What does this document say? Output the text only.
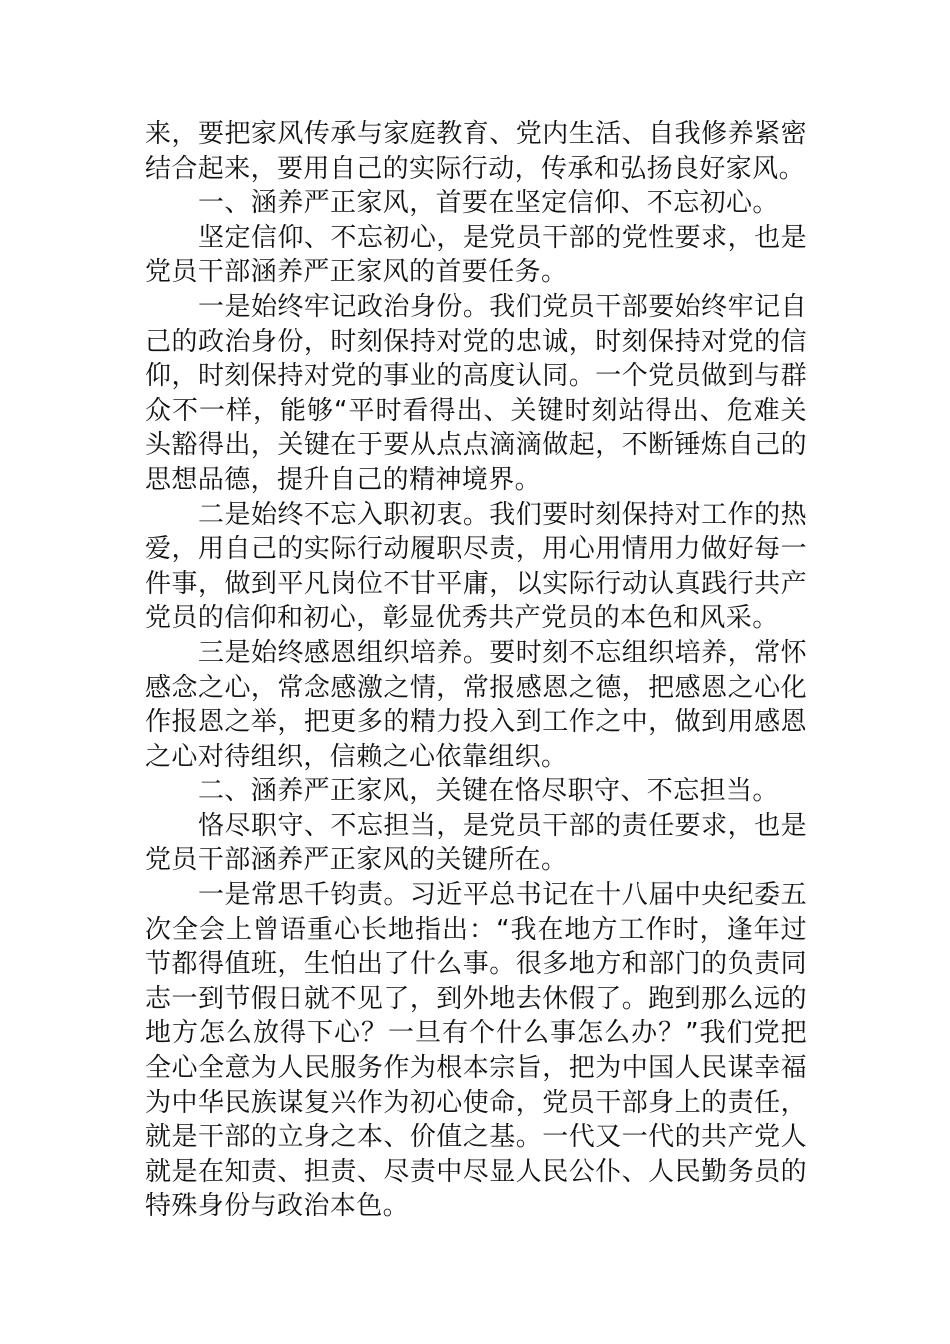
来，要把家风传承与家庭教育、党内生活、自我修养紧密结合起来，要用自己的实际行动，传承和弘扬良好家风。

一、涵养严正家风，首要在坚定信仰、不忘初心。

坚定信仰、不忘初心，是党员干部的党性要求，也是党员干部涵养严正家风的首要任务。

一是始终牢记政治身份。我们党员干部要始终牢记自己的政治身份，时刻保持对党的忠诚，时刻保持对党的信仰，时刻保持对党的事业的高度认同。一个党员做到与群众不一样，能够“平时看得出、关键时刻站得出、危难关头豁得出，关键在于要从点点滴滴做起，不断锤炼自己的思想品德，提升自己的精神境界。

二是始终不忘入职初衷。我们要时刻保持对工作的热爱，用自己的实际行动履职尽责，用心用情用力做好每一件事，做到平凡岗位不甘平庸，以实际行动认真践行共产党员的信仰和初心，彰显优秀共产党员的本色和风采。

三是始终感恩组织培养。要时刻不忘组织培养，常怀感念之心，常念感激之情，常报感恩之德，把感恩之心化作报恩之举，把更多的精力投入到工作之中，做到用感恩之心对待组织，信赖之心依靠组织。

二、涵养严正家风，关键在恪尽职守、不忘担当。

恪尽职守、不忘担当，是党员干部的责任要求，也是党员干部涵养严正家风的关键所在。

一是常思千钧责。习近平总书记在十八届中央纪委五次全会上曾语重心长地指出：“我在地方工作时，逢年过节都得值班，生怕出了什么事。很多地方和部门的负责同志一到节假日就不见了，到外地去休假了。跑到那么远的地方怎么放得下心？一旦有个什么事怎么办？”我们党把全心全意为人民服务作为根本宗旨，把为中国人民谋幸福为中华民族谋复兴作为初心使命，党员干部身上的责任，就是干部的立身之本、价值之基。一代又一代的共产党人就是在知责、担责、尽责中尽显人民公仆、人民勤务员的特殊身份与政治本色。
